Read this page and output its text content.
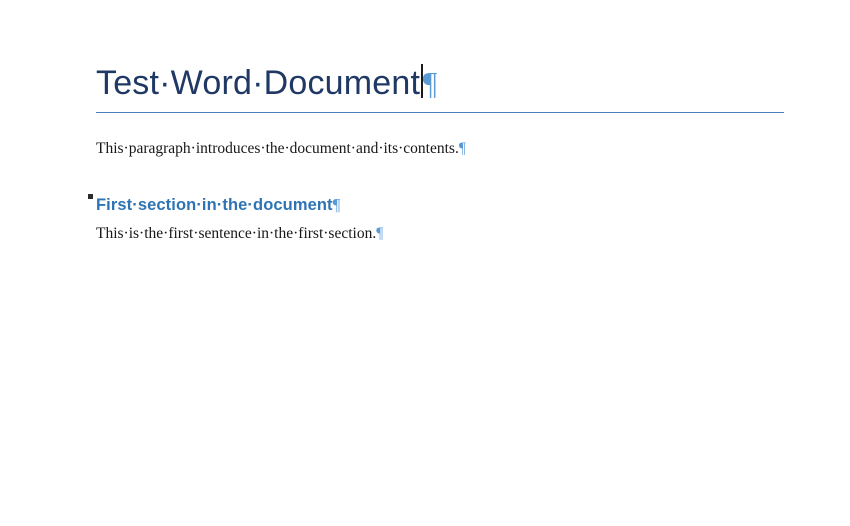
Test·Word·Document ¶
This·paragraph·introduces·the·document·and·its·contents.¶
First·section·in·the·document¶
This·is·the·first·sentence·in·the·first·section.¶
